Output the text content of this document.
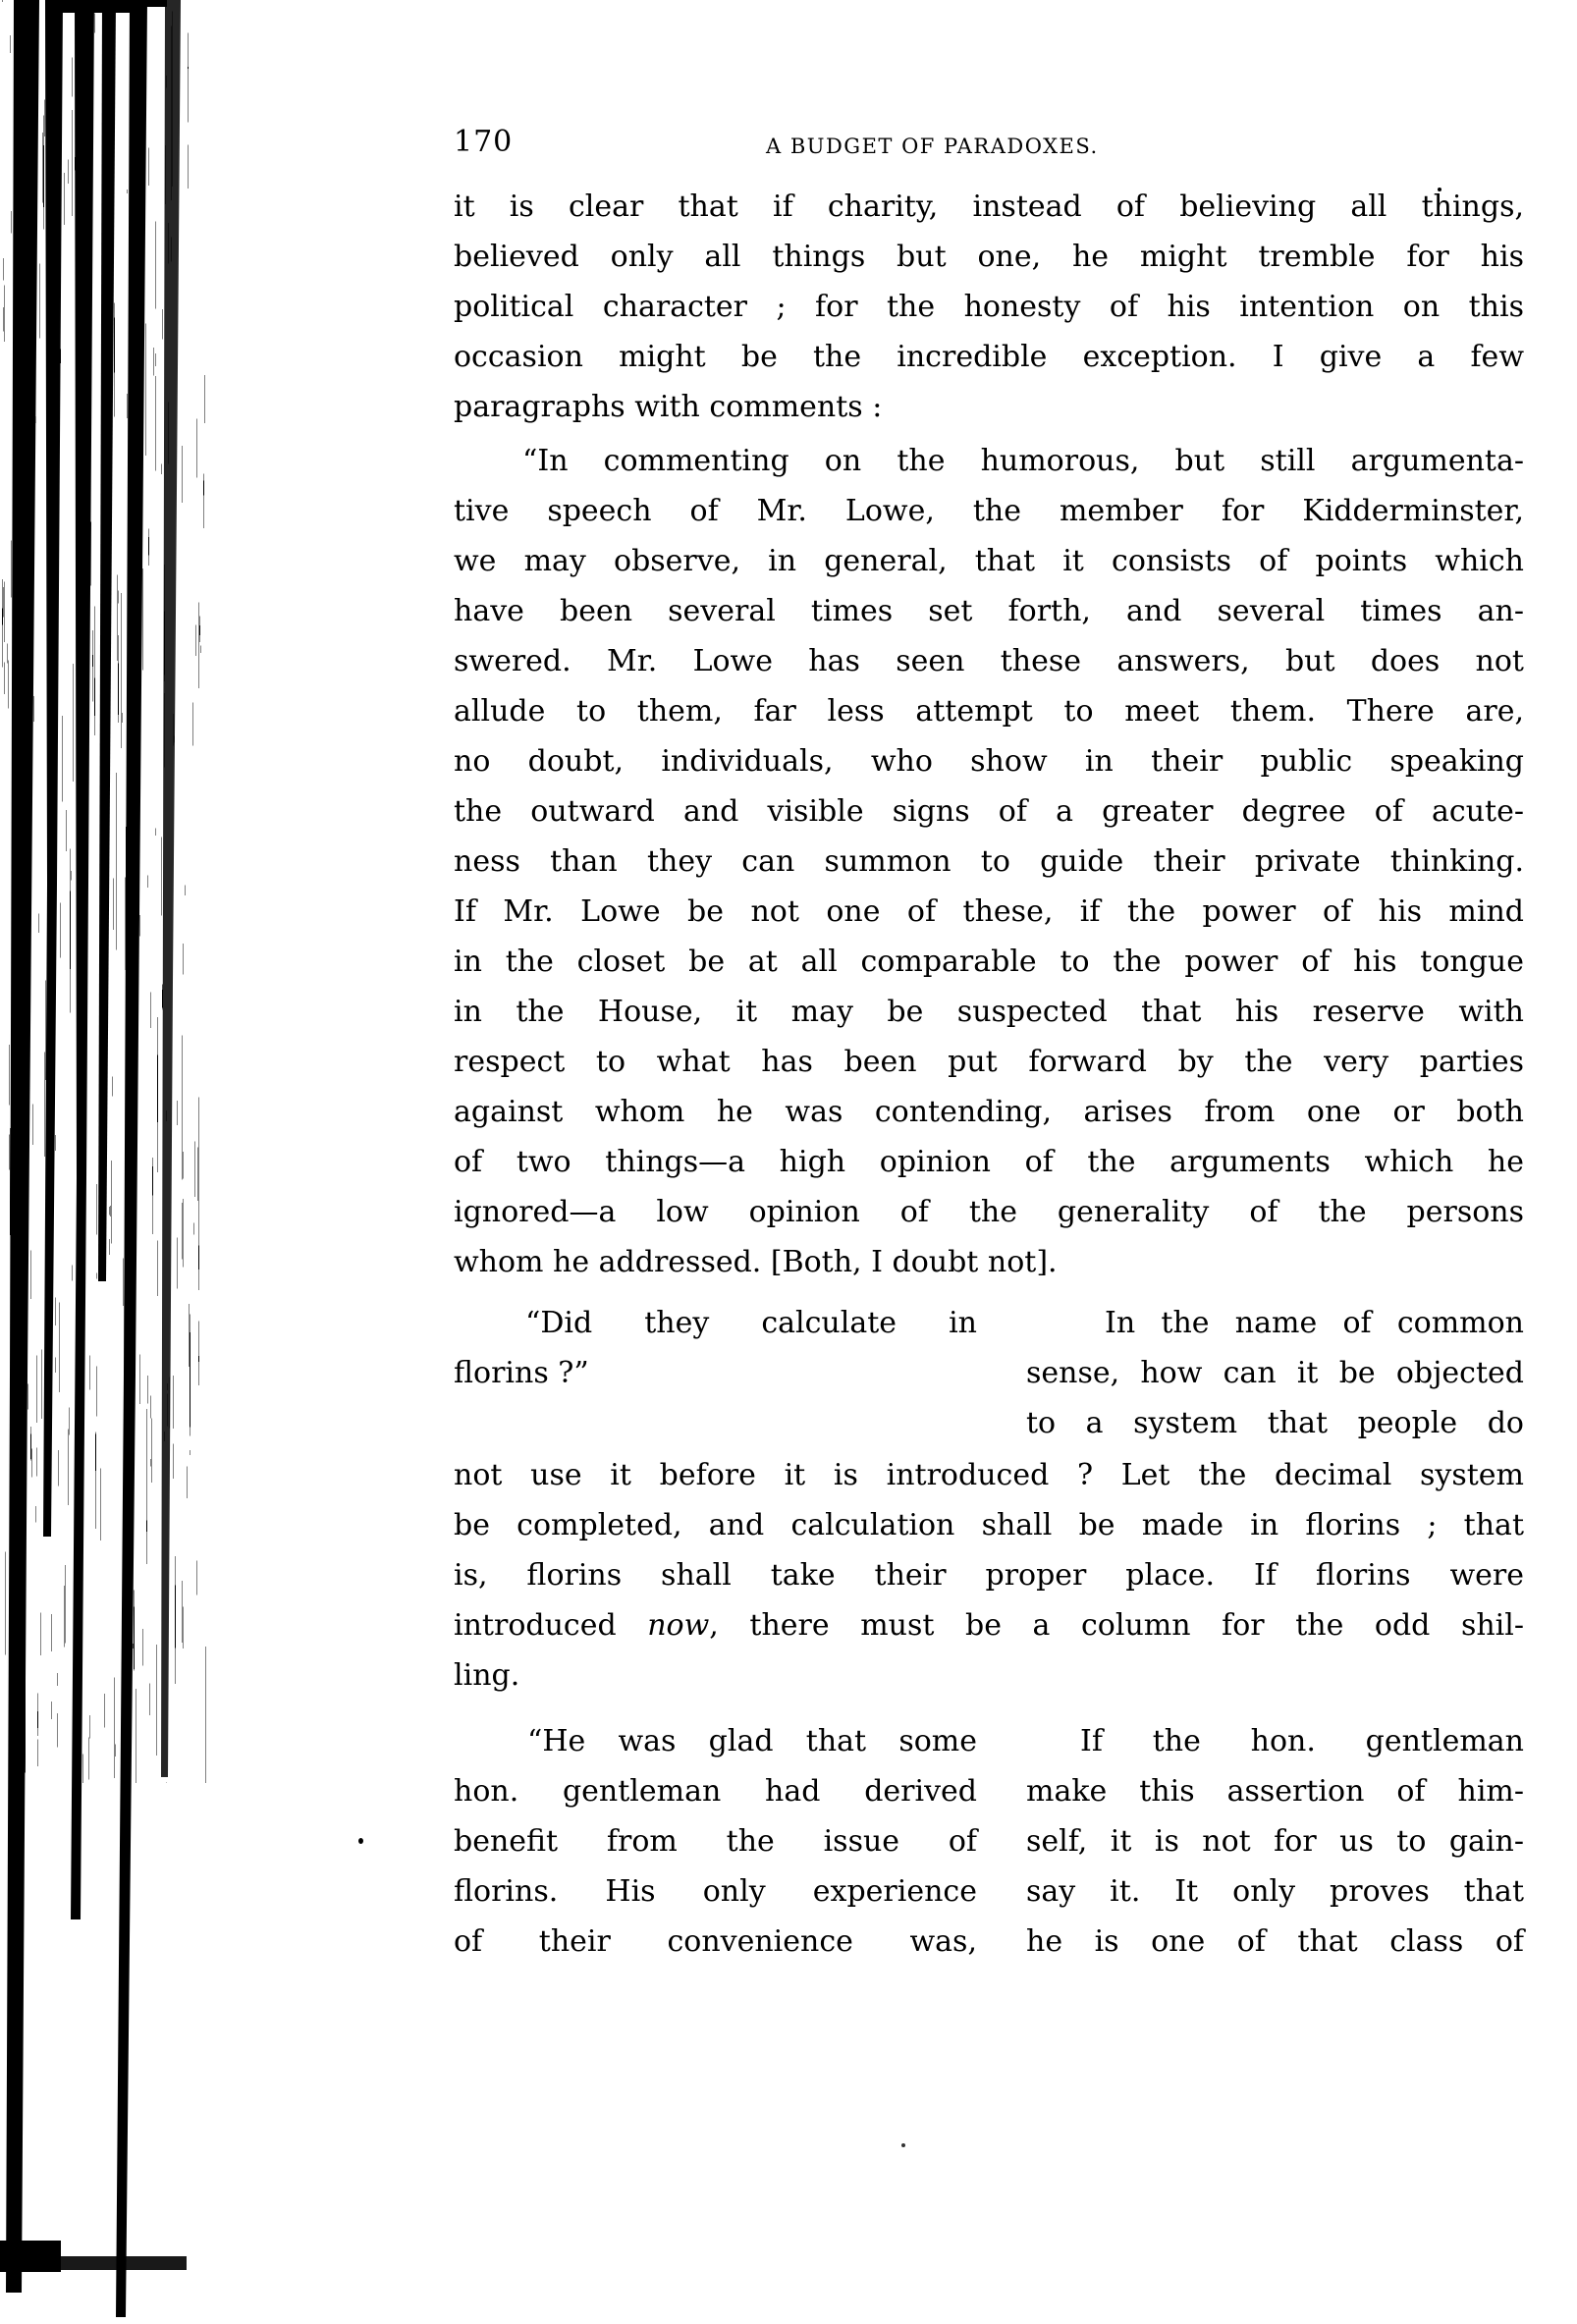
170	A BUDGET OF PARADOXES.
it is clear that if charity, instead of believing all things,
believed only all things but one, he might tremble for his
political character ; for the honesty of his intention on this
occasion might be the incredible exception. I give a few
paragraphs with comments :
“In commenting on the humorous, but still argumenta-
tive speech of Mr. Lowe, the member for Kidderminster,
we may observe, in general, that it consists of points which
have been several times set forth, and several times an-
swered. Mr. Lowe has seen these answers, but does not
allude to them, far less attempt to meet them. There are,
no doubt, individuals, who show in their public speaking
the outward and visible signs of a greater degree of acute-
ness than they can summon to guide their private thinking.
If Mr. Lowe be not one of these, if the power of his mind
in the closet be at all comparable to the power of his tongue
in the House, it may be suspected that his reserve with
respect to what has been put forward by the very parties
against whom he was contending, arises from one or both
of two things—a high opinion of the arguments which he
ignored—a low opinion of the generality of the persons
whom he addressed. [Both, I doubt not].
“Did they calculate in
florins ?”
In the name of common
sense, how can it be objected
to a system that people do
not use it before it is introduced ? Let the decimal system
be completed, and calculation shall be made in florins ; that
is, florins shall take their proper place. If florins were
introduced now, there must be a column for the odd shil-
ling.
“He was glad that some
hon. gentleman had derived
benefit from the issue of
florins. His only experience
of their convenience was,
If the hon. gentleman
make this assertion of him-
self, it is not for us to gain-
say it. It only proves that
he is one of that class of
